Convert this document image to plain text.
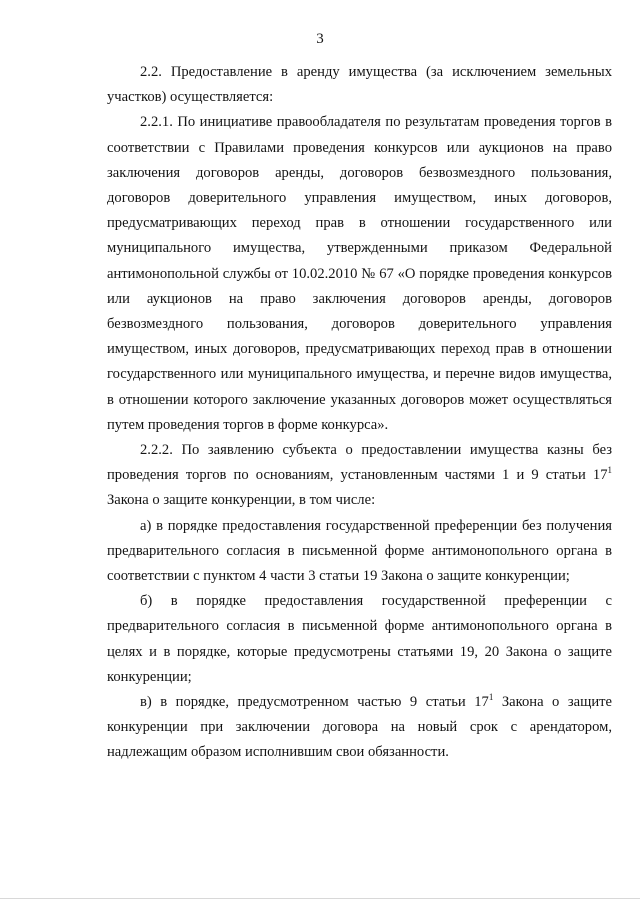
3

2.2. Предоставление в аренду имущества (за исключением земельных участков) осуществляется:

2.2.1. По инициативе правообладателя по результатам проведения торгов в соответствии с Правилами проведения конкурсов или аукционов на право заключения договоров аренды, договоров безвозмездного пользования, договоров доверительного управления имуществом, иных договоров, предусматривающих переход прав в отношении государственного или муниципального имущества, утвержденными приказом Федеральной антимонопольной службы от 10.02.2010 № 67 «О порядке проведения конкурсов или аукционов на право заключения договоров аренды, договоров безвозмездного пользования, договоров доверительного управления имуществом, иных договоров, предусматривающих переход прав в отношении государственного или муниципального имущества, и перечне видов имущества, в отношении которого заключение указанных договоров может осуществляться путем проведения торгов в форме конкурса».

2.2.2. По заявлению субъекта о предоставлении имущества казны без проведения торгов по основаниям, установленным частями 1 и 9 статьи $17^1$ Закона о защите конкуренции, в том числе:

а) в порядке предоставления государственной преференции без получения предварительного согласия в письменной форме антимонопольного органа в соответствии с пунктом 4 части 3 статьи 19 Закона о защите конкуренции;

б) в порядке предоставления государственной преференции с предварительного согласия в письменной форме антимонопольного органа в целях и в порядке, которые предусмотрены статьями 19, 20 Закона о защите конкуренции;

в) в порядке, предусмотренном частью 9 статьи $17^1$ Закона о защите конкуренции при заключении договора на новый срок с арендатором, надлежащим образом исполнившим свои обязанности.
